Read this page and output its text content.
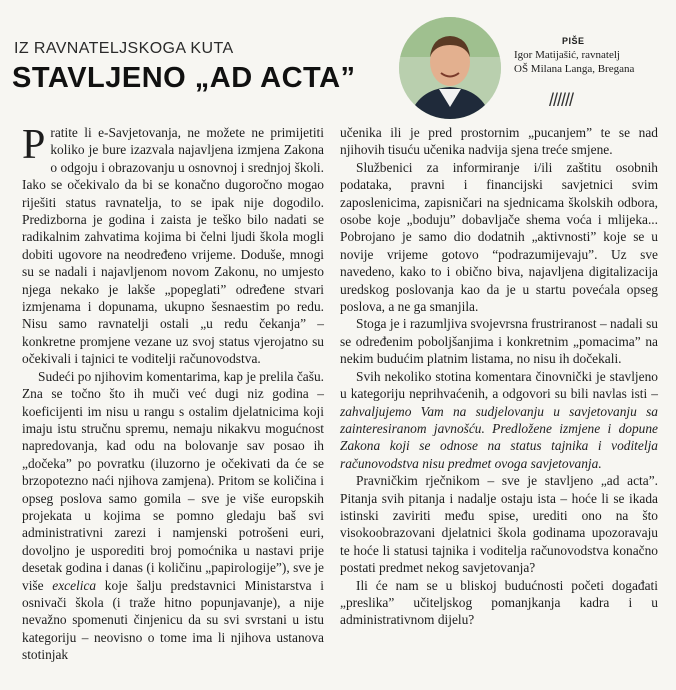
IZ RAVNATELJSKOGA KUTA
STAVLJENO „AD ACTA”
PIŠE
Igor Matijašić, ravnatelj
OŠ Milana Langa, Bregana
//////

Pratite li e-Savjetovanja, ne možete ne primijetiti koliko je bure izazvala najavljena izmjena Zakona o odgoju i obrazovanju u osnovnoj i srednjoj školi. Iako se očekivalo da bi se konačno dugoročno mogao riješiti status ravnatelja, to se ipak nije dogodilo. Predizborna je godina i zaista je teško bilo nadati se radikalnim zahvatima kojima bi čelni ljudi škola mogli dobiti ugovore na neodređeno vrijeme. Doduše, mnogi su se nadali i najavljenom novom Zakonu, no umjesto njega nekako je lakše „popeglati” određene stvari izmjenama i dopunama, ukupno šesnaestim po redu. Nisu samo ravnatelji ostali „u redu čekanja” – konkretne promjene vezane uz svoj status vjerojatno su očekivali i tajnici te voditelji računovodstva.

Sudeći po njihovim komentarima, kap je prelila čašu. Zna se točno što ih muči već dugi niz godina – koeficijenti im nisu u rangu s ostalim djelatnicima koji imaju istu stručnu spremu, nemaju nikakvu mogućnost napredovanja, kad odu na bolovanje sav posao ih „dočeka” po povratku (iluzorno je očekivati da će se brzopotezno naći njihova zamjena). Pritom se količina i opseg poslova samo gomila – sve je više europskih projekata u kojima se pomno gledaju baš svi administrativni zarezi i namjenski potrošeni euri, dovoljno je usporediti broj pomoćnika u nastavi prije desetak godina i danas (i količinu „papirologije”), sve je više excelica koje šalju predstavnici Ministarstva i osnivači škola (i traže hitno popunjavanje), a nije nevažno spomenuti činjenicu da su svi svrstani u istu kategoriju – neovisno o tome ima li njihova ustanova stotinjak

učenika ili je pred prostornim „pucanjem” te se nad njihovih tisuću učenika nadvija sjena treće smjene.

Službenici za informiranje i/ili zaštitu osobnih podataka, pravni i financijski savjetnici svim zaposlenicima, zapisničari na sjednicama školskih odbora, osobe koje „boduju” dobavljače shema voća i mlijeka... Pobrojano je samo dio dodatnih „aktivnosti” koje se u novije vrijeme gotovo “podrazumijevaju”. Uz sve navedeno, kako to i obično biva, najavljena digitalizacija uredskog poslovanja kao da je u startu povećala opseg poslova, a ne ga smanjila.

Stoga je i razumljiva svojevrsna frustriranost – nadali su se određenim poboljšanjima i konkretnim „pomacima” na nekim budućim platnim listama, no nisu ih dočekali.

Svih nekoliko stotina komentara činovnički je stavljeno u kategoriju neprihvaćenih, a odgovori su bili navlas isti – zahvaljujemo Vam na sudjelovanju u savjetovanju sa zainteresiranom javnošću. Predložene izmjene i dopune Zakona koji se odnose na status tajnika i voditelja računovodstva nisu predmet ovoga savjetovanja.

Pravničkim rječnikom – sve je stavljeno „ad acta”. Pitanja svih pitanja i nadalje ostaju ista – hoće li se ikada istinski zaviriti među spise, urediti ono na što visokoobrazovani djelatnici škola godinama upozoravaju te hoće li statusi tajnika i voditelja računovodstva konačno postati predmet nekog savjetovanja?

Ili će nam se u bliskoj budućnosti početi događati „preslika” učiteljskog pomanjkanja kadra i u administrativnom dijelu?
